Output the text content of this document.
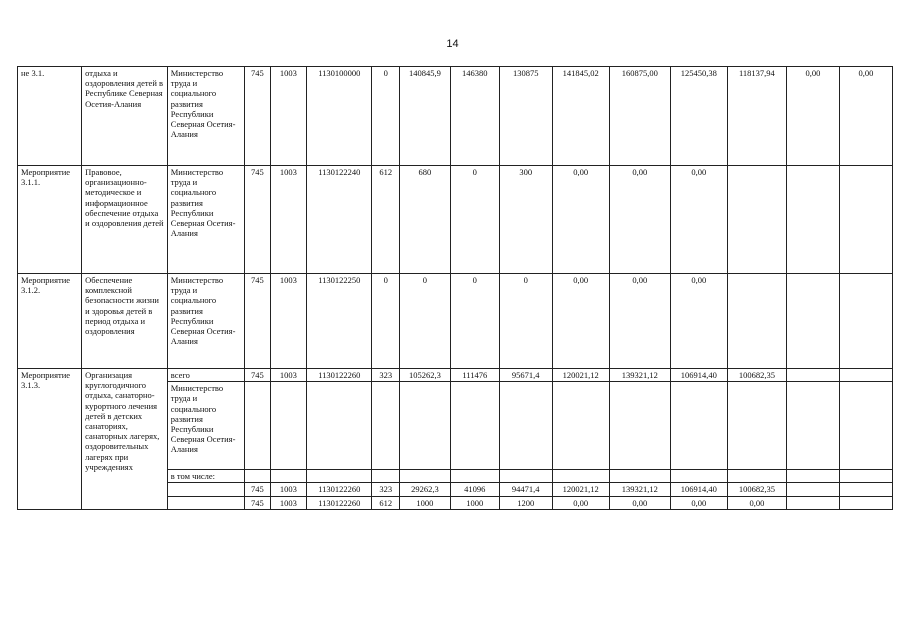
14
не 3.1.	отдыха и оздоровления детей в Республике Северная Осетия-Алания	Министерство труда и социального развития Республики Северная Осетия-Алания	745	1003	1130100000	0	140845,9	146380	130875	141845,02	160875,00	125450,38	118137,94	0,00	0,00
Мероприятие 3.1.1.	Правовое, организационно-методическое и информационное обеспечение отдыха и оздоровления детей	Министерство труда и социального развития Республики Северная Осетия-Алания	745	1003	1130122240	612	680	0	300	0,00	0,00	0,00			
Мероприятие 3.1.2.	Обеспечение комплексной безопасности жизни и здоровья детей в период отдыха и оздоровления	Министерство труда и социального развития Республики Северная Осетия-Алания	745	1003	1130122250	0	0	0	0	0,00	0,00	0,00			
Мероприятие 3.1.3.	Организация круглогодичного отдыха, санаторно-курортного лечения детей в детских санаториях, санаторных лагерях, оздоровительных лагерях при учреждениях	всего	745	1003	1130122260	323	105262,3	111476	95671,4	120021,12	139321,12	106914,40	100682,35		
		Министерство труда и социального развития Республики Северная Осетия-Алания													
		в том числе:													
			745	1003	1130122260	323	29262,3	41096	94471,4	120021,12	139321,12	106914,40	100682,35		
			745	1003	1130122260	612	1000	1000	1200	0,00	0,00	0,00	0,00		
